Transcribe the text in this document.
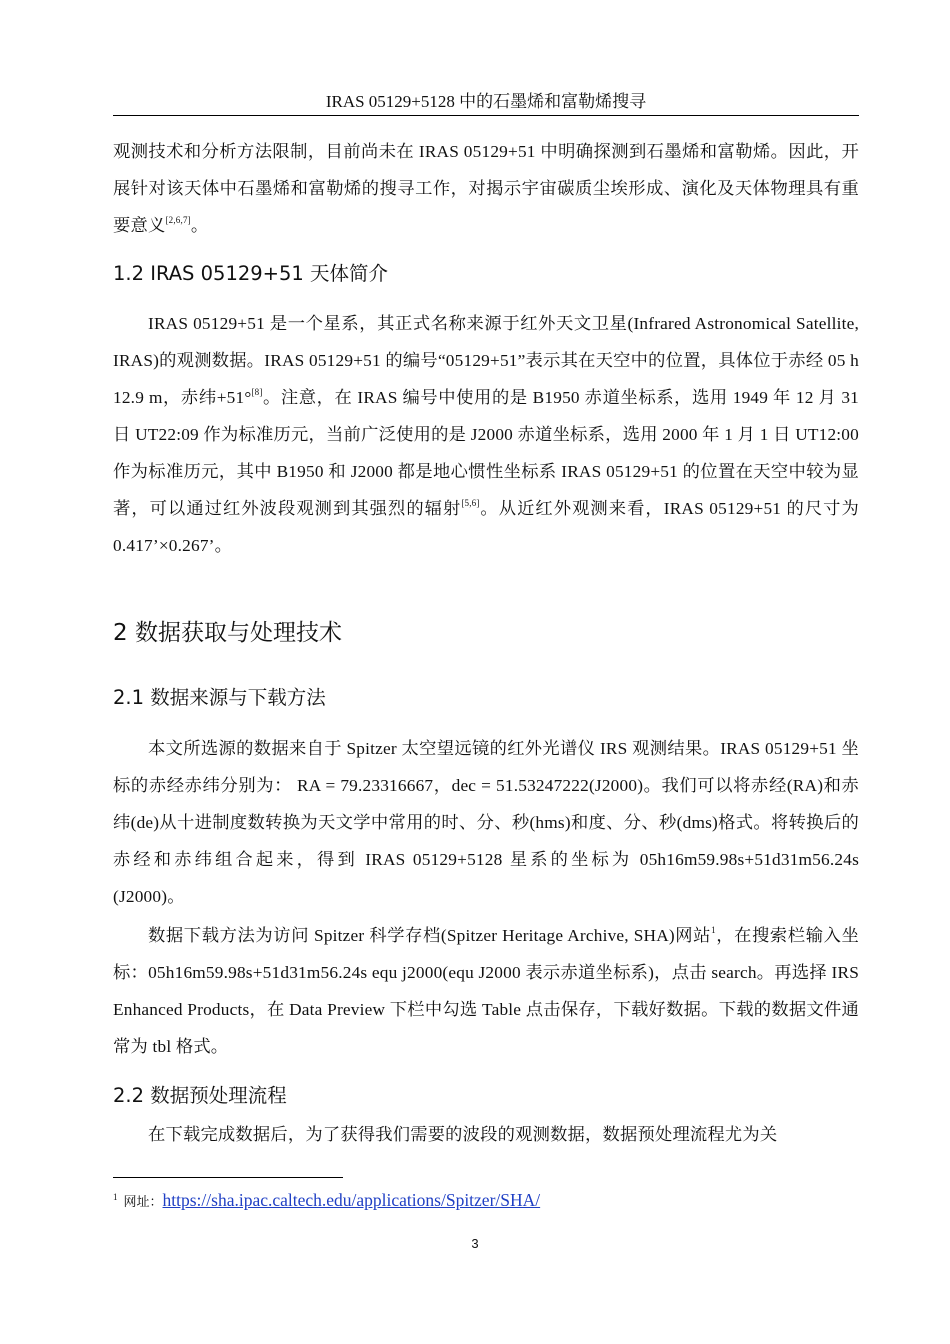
IRAS 05129+5128 中的石墨烯和富勒烯搜寻

观测技术和分析方法限制，目前尚未在 IRAS 05129+51 中明确探测到石墨烯和富勒烯。因此，开展针对该天体中石墨烯和富勒烯的搜寻工作，对揭示宇宙碳质尘埃形成、演化及天体物理具有重要意义[2,6,7]。

1.2 IRAS 05129+51 天体简介

IRAS 05129+51 是一个星系，其正式名称来源于红外天文卫星(Infrared Astronomical Satellite, IRAS)的观测数据。IRAS 05129+51 的编号“05129+51”表示其在天空中的位置，具体位于赤经 05 h 12.9 m，赤纬+51°[8]。注意，在 IRAS 编号中使用的是 B1950 赤道坐标系，选用 1949 年 12 月 31 日 UT22:09 作为标准历元，当前广泛使用的是 J2000 赤道坐标系，选用 2000 年 1 月 1 日 UT12:00 作为标准历元，其中 B1950 和 J2000 都是地心惯性坐标系 IRAS 05129+51 的位置在天空中较为显著，可以通过红外波段观测到其强烈的辐射[5,6]。从近红外观测来看，IRAS 05129+51 的尺寸为 0.417’×0.267’。

2 数据获取与处理技术
2.1 数据来源与下载方法

本文所选源的数据来自于 Spitzer 太空望远镜的红外光谱仪 IRS 观测结果。IRAS 05129+51 坐标的赤经赤纬分别为： RA = 79.23316667，dec = 51.53247222(J2000)。我们可以将赤经(RA)和赤纬(de)从十进制度数转换为天文学中常用的时、分、秒(hms)和度、分、秒(dms)格式。将转换后的赤经和赤纬组合起来，得到 IRAS 05129+5128 星系的坐标为 05h16m59.98s+51d31m56.24s (J2000)。

数据下载方法为访问 Spitzer 科学存档(Spitzer Heritage Archive, SHA)网站$^1$，在搜索栏输入坐标：05h16m59.98s+51d31m56.24s equ j2000(equ J2000 表示赤道坐标系)，点击 search。再选择 IRS Enhanced Products，在 Data Preview 下栏中勾选 Table 点击保存，下载好数据。下载的数据文件通常为 tbl 格式。

2.2 数据预处理流程

在下载完成数据后，为了获得我们需要的波段的观测数据，数据预处理流程尤为关

$^1$ 网址：https://sha.ipac.caltech.edu/applications/Spitzer/SHA/
3
